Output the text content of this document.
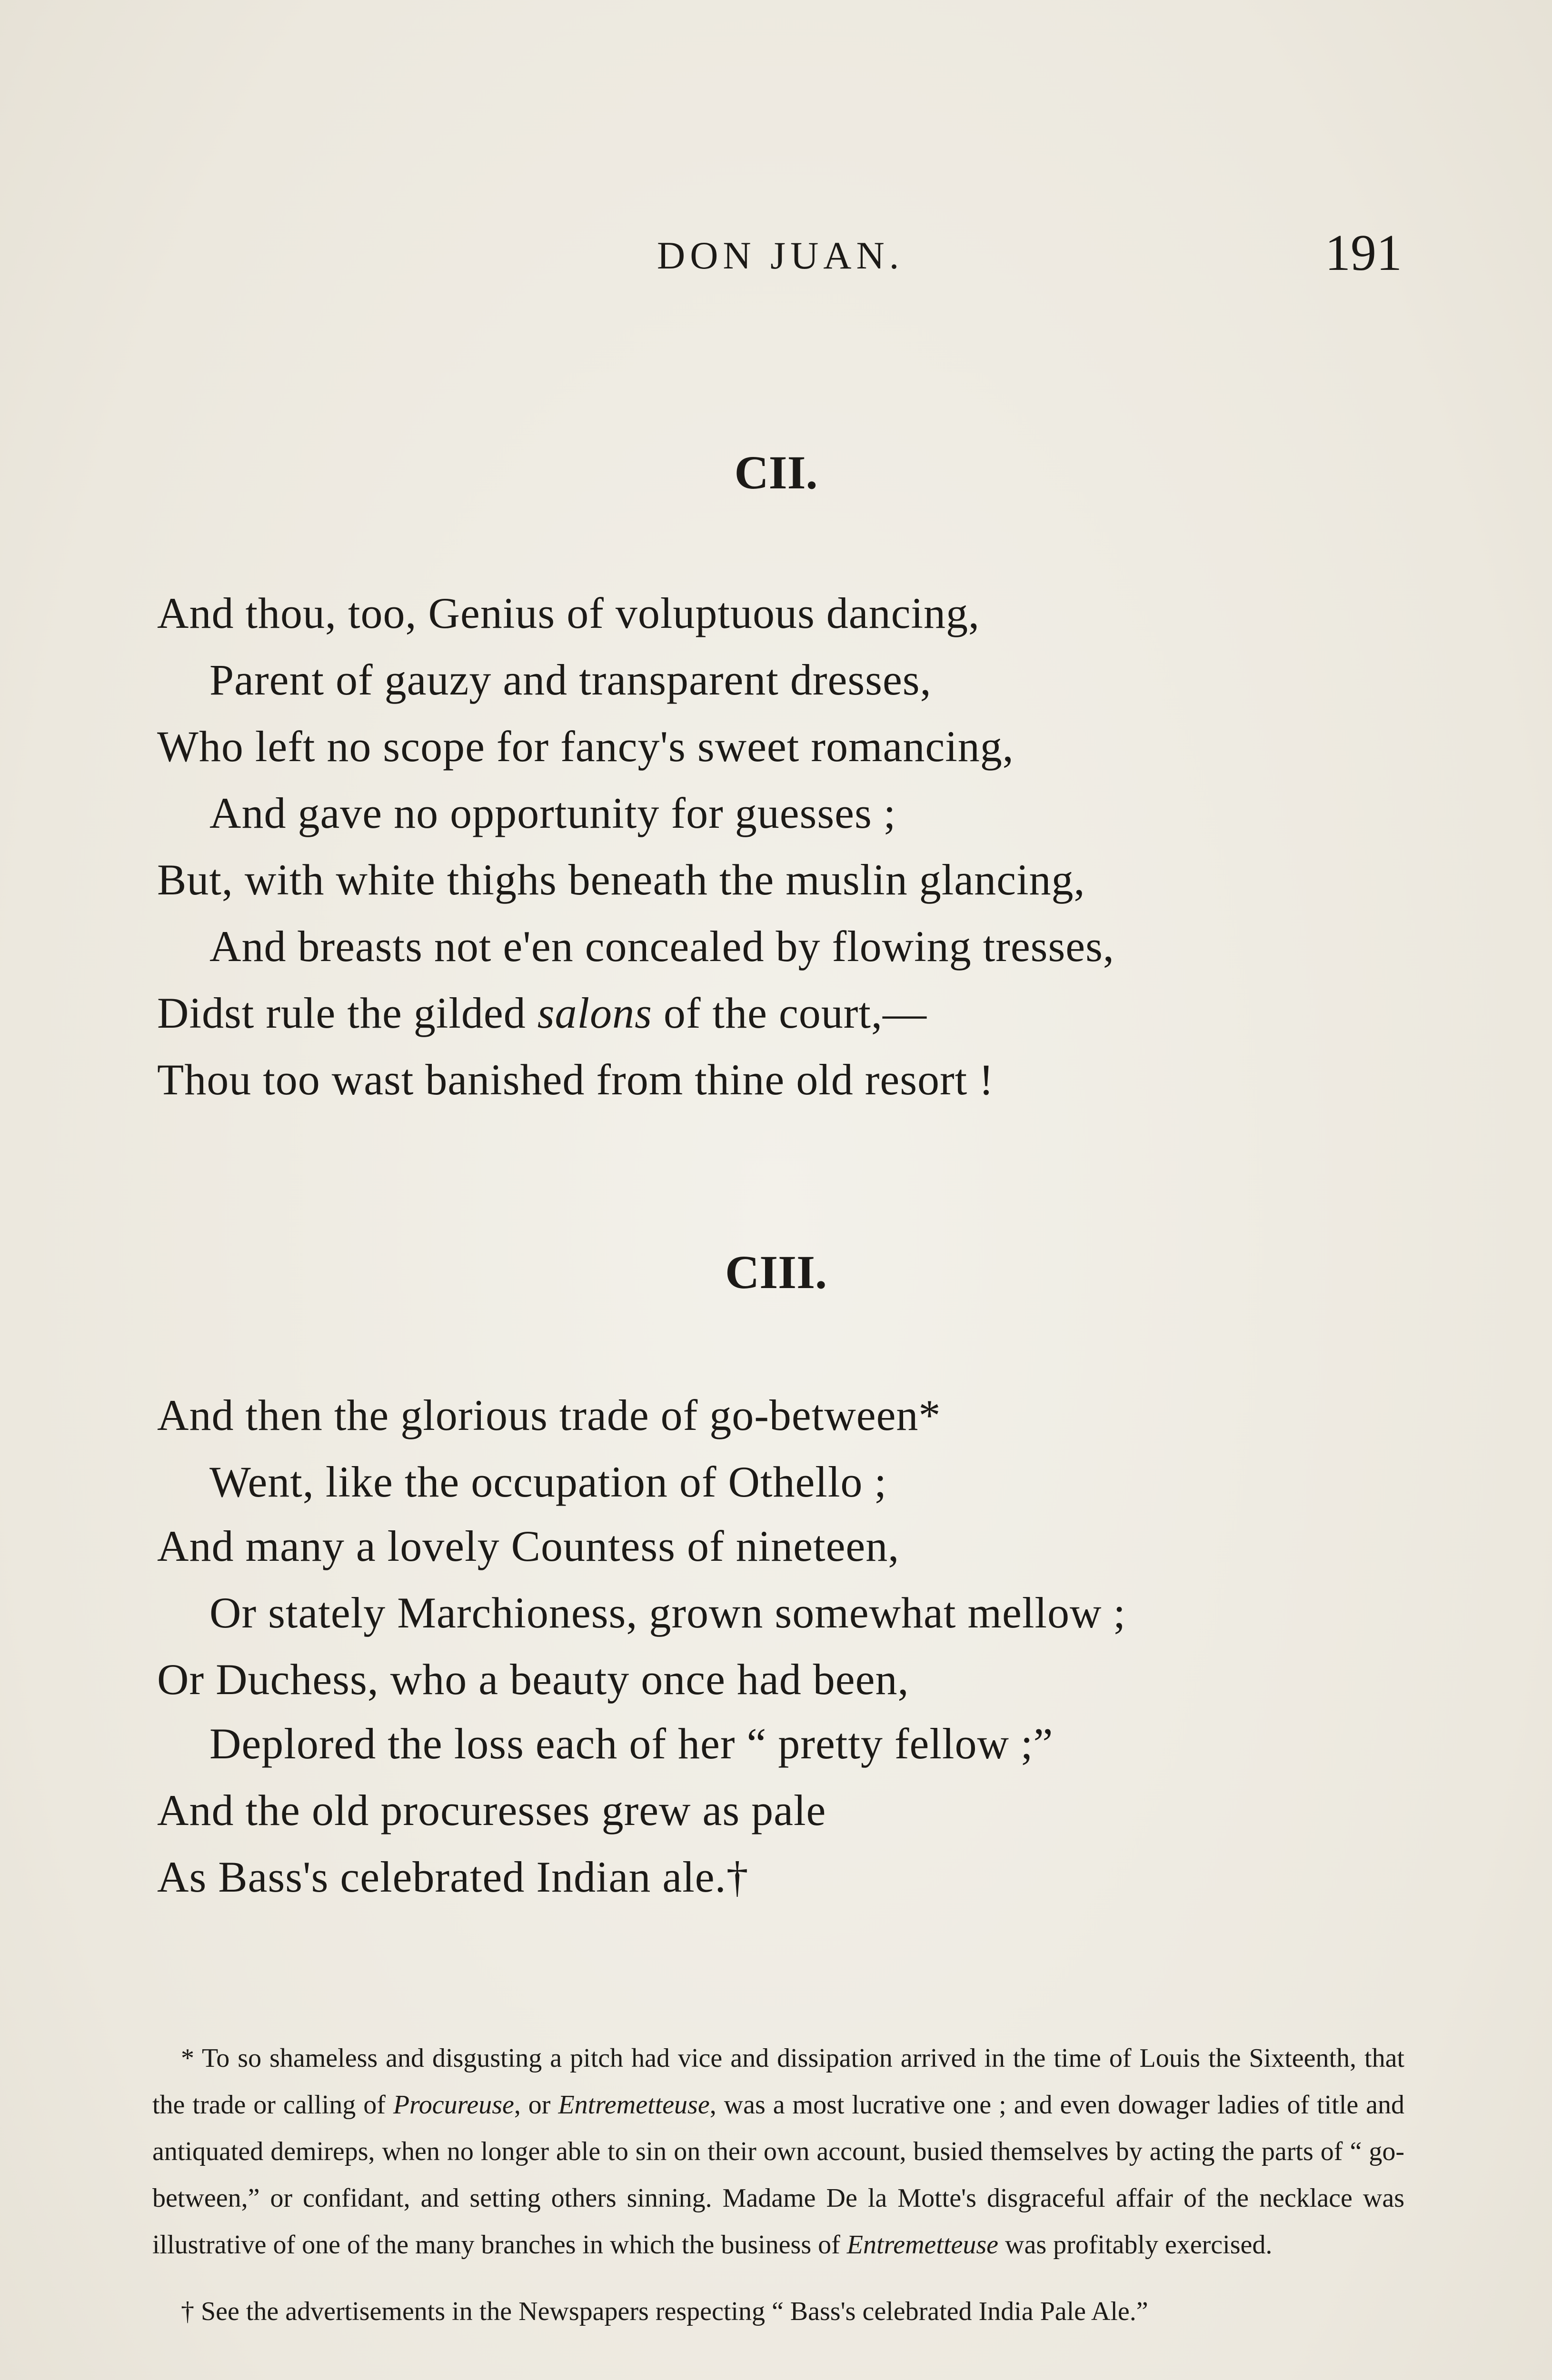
DON JUAN.	191
CII.
And thou, too, Genius of voluptuous dancing,
Parent of gauzy and transparent dresses,
Who left no scope for fancy's sweet romancing,
And gave no opportunity for guesses ;
But, with white thighs beneath the muslin glancing,
And breasts not e'en concealed by flowing tresses,
Didst rule the gilded salons of the court,—
Thou too wast banished from thine old resort !
CIII.
And then the glorious trade of go-between*
Went, like the occupation of Othello ;
And many a lovely Countess of nineteen,
Or stately Marchioness, grown somewhat mellow ;
Or Duchess, who a beauty once had been,
Deplored the loss each of her “ pretty fellow ;”
And the old procuresses grew as pale
As Bass's celebrated Indian ale.†

* To so shameless and disgusting a pitch had vice and dissipation arrived in the time of Louis the Sixteenth, that the trade or calling of Procureuse, or Entremetteuse, was a most lucrative one ; and even dowager ladies of title and antiquated demireps, when no longer able to sin on their own account, busied themselves by acting the parts of “ go-between,” or confidant, and setting others sinning. Madame De la Motte's disgraceful affair of the necklace was illustrative of one of the many branches in which the business of Entremetteuse was profitably exercised.

† See the advertisements in the Newspapers respecting “ Bass's celebrated India Pale Ale.”
